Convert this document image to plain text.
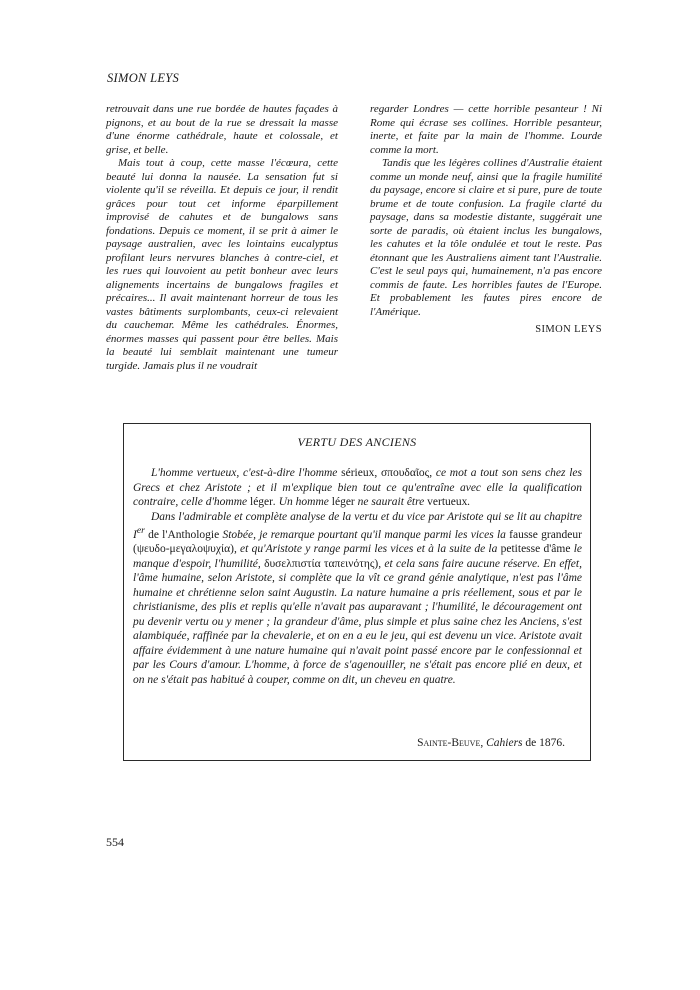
SIMON LEYS

retrouvait dans une rue bordée de hautes façades à pignons, et au bout de la rue se dressait la masse d'une énorme cathédrale, haute et colossale, et grise, et belle.

Mais tout à coup, cette masse l'écœura, cette beauté lui donna la nausée. La sensation fut si violente qu'il se réveilla. Et depuis ce jour, il rendit grâces pour tout cet informe éparpillement improvisé de cahutes et de bungalows sans fondations. Depuis ce moment, il se prit à aimer le paysage australien, avec les lointains eucalyptus profilant leurs nervures blanches à contre-ciel, et les rues qui louvoient au petit bonheur avec leurs alignements incertains de bungalows fragiles et précaires... Il avait maintenant horreur de tous les vastes bâtiments surplombants, ceux-ci relevaient du cauchemar. Même les cathédrales. Énormes, énormes masses qui passent pour être belles. Mais la beauté lui semblait maintenant une tumeur turgide. Jamais plus il ne voudrait

regarder Londres — cette horrible pesanteur ! Ni Rome qui écrase ses collines. Horrible pesanteur, inerte, et faite par la main de l'homme. Lourde comme la mort.

Tandis que les légères collines d'Australie étaient comme un monde neuf, ainsi que la fragile humilité du paysage, encore si claire et si pure, pure de toute brume et de toute confusion. La fragile clarté du paysage, dans sa modestie distante, suggérait une sorte de paradis, où étaient inclus les bungalows, les cahutes et la tôle ondulée et tout le reste. Pas étonnant que les Australiens aiment tant l'Australie. C'est le seul pays qui, humainement, n'a pas encore commis de faute. Les horribles fautes de l'Europe. Et probablement les fautes pires encore de l'Amérique.

SIMON LEYS

VERTU DES ANCIENS

L'homme vertueux, c'est-à-dire l'homme sérieux, σπουδαῖος, ce mot a tout son sens chez les Grecs et chez Aristote ; et il m'explique bien tout ce qu'entraîne avec elle la qualification contraire, celle d'homme léger. Un homme léger ne saurait être vertueux.

Dans l'admirable et complète analyse de la vertu et du vice par Aristote qui se lit au chapitre Ier de l'Anthologie Stobée, je remarque pourtant qu'il manque parmi les vices la fausse grandeur (ψευδο-μεγαλοψυχία), et qu'Aristote y range parmi les vices et à la suite de la petitesse d'âme le manque d'espoir, l'humilité, δυσελπιστία ταπεινότης), et cela sans faire aucune réserve. En effet, l'âme humaine, selon Aristote, si complète que la vît ce grand génie analytique, n'est pas l'âme humaine et chrétienne selon saint Augustin. La nature humaine a pris réellement, sous et par le christianisme, des plis et replis qu'elle n'avait pas auparavant ; l'humilité, le découragement ont pu devenir vertu ou y mener ; la grandeur d'âme, plus simple et plus saine chez les Anciens, s'est alambiquée, raffinée par la chevalerie, et on en a eu le jeu, qui est devenu un vice. Aristote avait affaire évidemment à une nature humaine qui n'avait point passé encore par le confessionnal et par les Cours d'amour. L'homme, à force de s'agenouiller, ne s'était pas encore plié en deux, et on ne s'était pas habitué à couper, comme on dit, un cheveu en quatre.

Sainte-Beuve, Cahiers de 1876.
554
